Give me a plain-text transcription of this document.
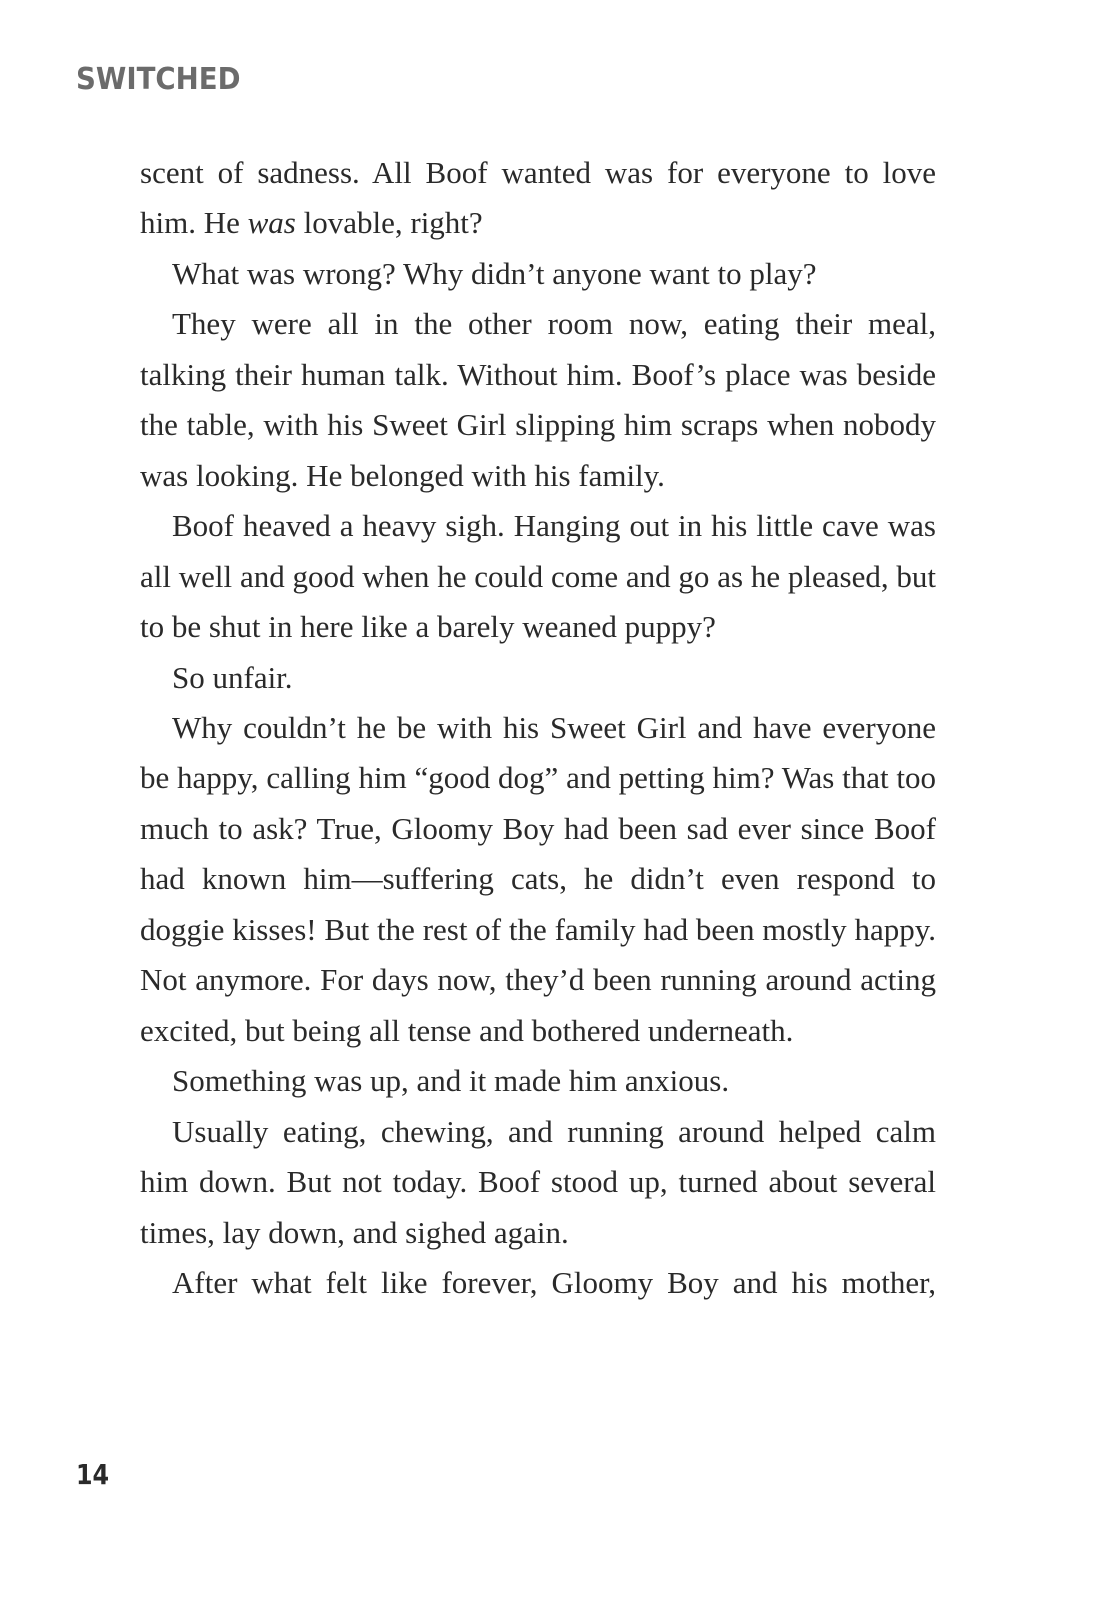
SWITCHED

scent of sadness. All Boof wanted was for everyone to love him. He was lovable, right?

What was wrong? Why didn’t anyone want to play?

They were all in the other room now, eating their meal, talking their human talk. Without him. Boof’s place was beside the table, with his Sweet Girl slipping him scraps when nobody was looking. He belonged with his family.

Boof heaved a heavy sigh. Hanging out in his little cave was all well and good when he could come and go as he pleased, but to be shut in here like a barely weaned puppy?

So unfair.

Why couldn’t he be with his Sweet Girl and have everyone be happy, calling him “good dog” and petting him? Was that too much to ask? True, Gloomy Boy had been sad ever since Boof had known him—suffering cats, he didn’t even respond to doggie kisses! But the rest of the family had been mostly happy. Not anymore. For days now, they’d been running around acting excited, but being all tense and bothered underneath.

Something was up, and it made him anxious.

Usually eating, chewing, and running around helped calm him down. But not today. Boof stood up, turned about several times, lay down, and sighed again.

After what felt like forever, Gloomy Boy and his mother,

14
